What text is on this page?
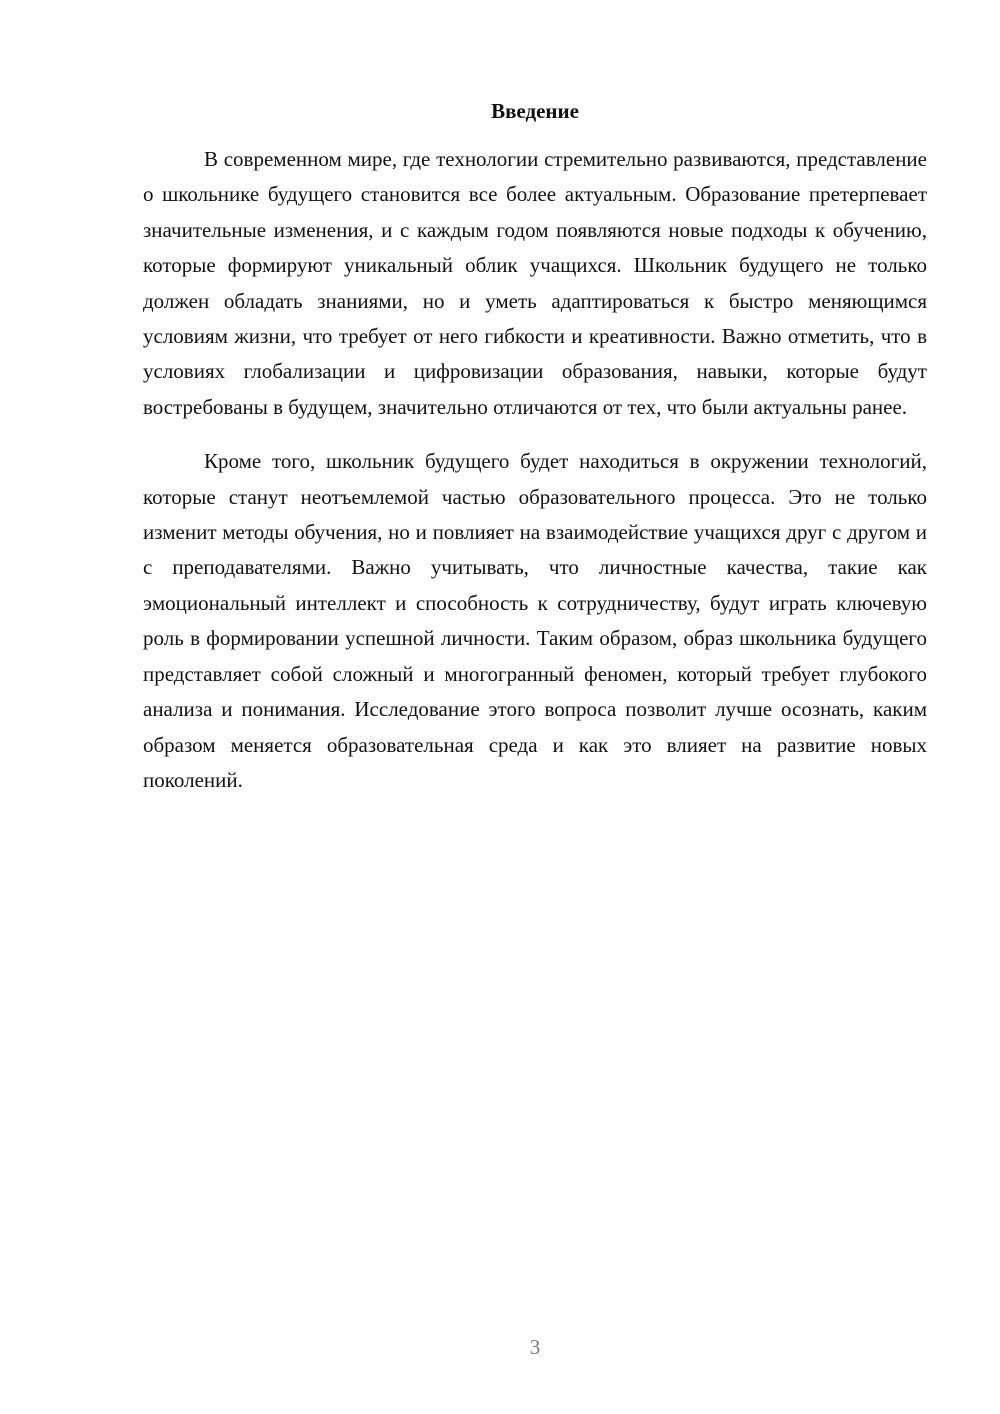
Введение

В современном мире, где технологии стремительно развиваются, представление о школьнике будущего становится все более актуальным. Образование претерпевает значительные изменения, и с каждым годом появляются новые подходы к обучению, которые формируют уникальный облик учащихся. Школьник будущего не только должен обладать знаниями, но и уметь адаптироваться к быстро меняющимся условиям жизни, что требует от него гибкости и креативности. Важно отметить, что в условиях глобализации и цифровизации образования, навыки, которые будут востребованы в будущем, значительно отличаются от тех, что были актуальны ранее.

Кроме того, школьник будущего будет находиться в окружении технологий, которые станут неотъемлемой частью образовательного процесса. Это не только изменит методы обучения, но и повлияет на взаимодействие учащихся друг с другом и с преподавателями. Важно учитывать, что личностные качества, такие как эмоциональный интеллект и способность к сотрудничеству, будут играть ключевую роль в формировании успешной личности. Таким образом, образ школьника будущего представляет собой сложный и многогранный феномен, который требует глубокого анализа и понимания. Исследование этого вопроса позволит лучше осознать, каким образом меняется образовательная среда и как это влияет на развитие новых поколений.

3
